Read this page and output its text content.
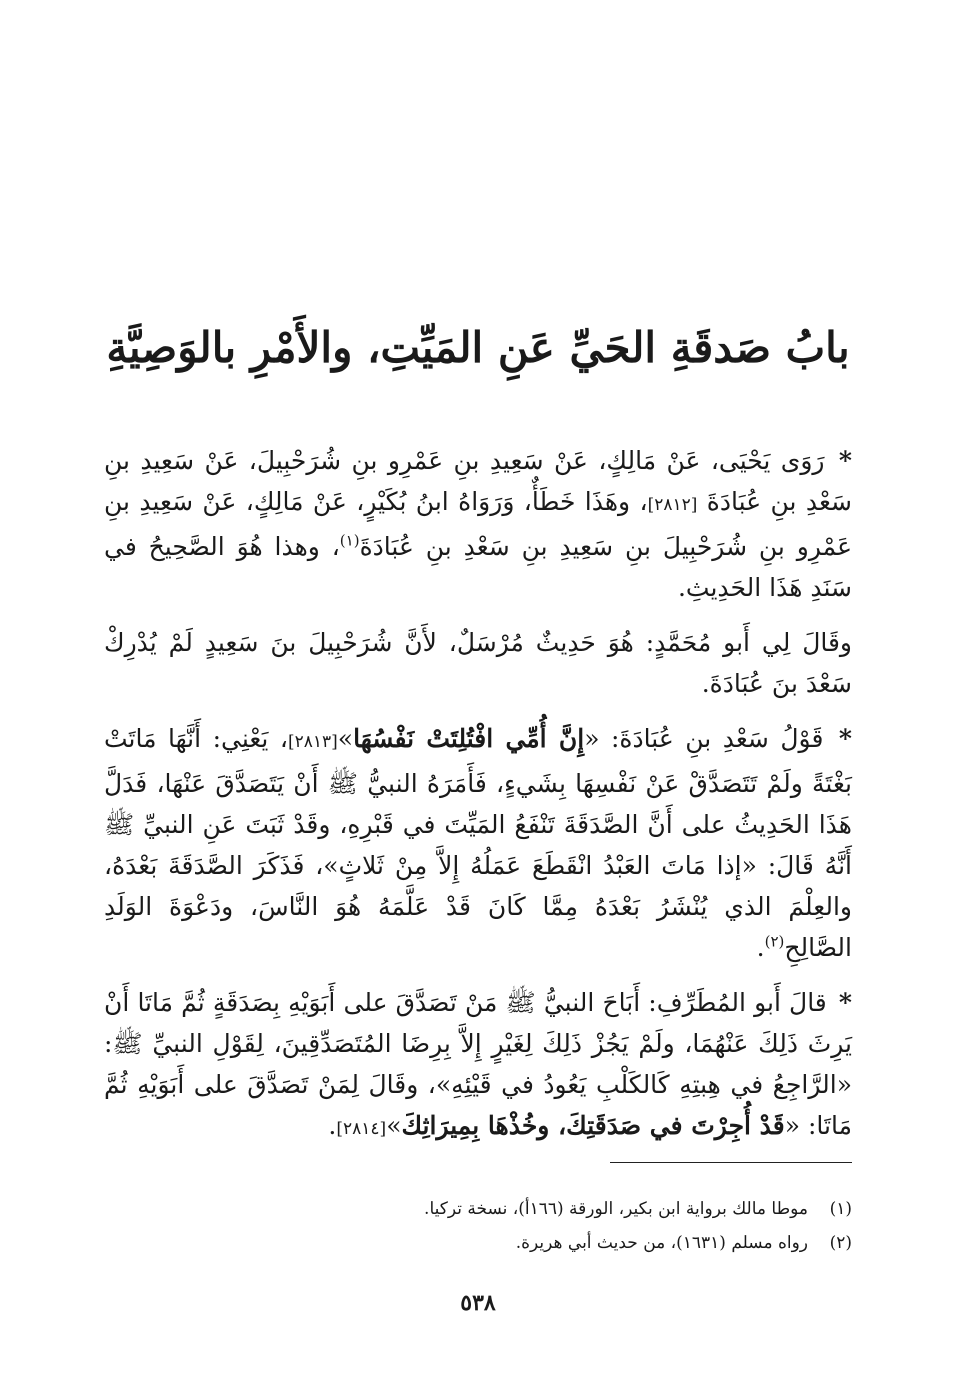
بابُ صَدقَةِ الحَيِّ عَنِ المَيِّتِ، والأَمْرِ بالوَصِيَّةِ

* رَوَى يَحْيَى، عَنْ مَالِكٍ، عَنْ سَعِيدِ بنِ عَمْرِو بنِ شُرَحْبِيلَ، عَنْ سَعِيدِ بنِ سَعْدِ بنِ عُبَادَةَ [٢٨١٢]، وهَذَا خَطَأٌ، وَرَوَاهُ ابنُ بُكَيْرٍ، عَنْ مَالِكٍ، عَنْ سَعِيدِ بنِ عَمْرِو بنِ شُرَحْبِيلَ بنِ سَعِيدِ بنِ سَعْدِ بنِ عُبَادَةَ$^{(١)}$، وهذا هُوَ الصَّحِيحُ في سَنَدِ هَذَا الحَدِيثِ.

وقَالَ لِي أَبو مُحَمَّدٍ: هُوَ حَدِيثٌ مُرْسَلٌ، لأَنَّ شُرَحْبِيلَ بنَ سَعِيدٍ لَمْ يُدْرِكْ سَعْدَ بنَ عُبَادَةَ.

* قَوْلُ سَعْدِ بنِ عُبَادَةَ: «إِنَّ أُمِّي افْتُلِتَتْ نَفْسُهَا»[٢٨١٣]، يَعْنِي: أَنَّهَا مَاتَتْ بَغْتَةً ولَمْ تَتَصَدَّقْ عَنْ نَفْسِهَا بِشَيءٍ، فَأَمَرَهُ النبيُّ ﷺ أَنْ يَتَصَدَّقَ عَنْهَا، فَدَلَّ هَذَا الحَدِيثُ على أَنَّ الصَّدَقَةَ تَنْفَعُ المَيِّتَ في قَبْرِهِ، وقَدْ ثَبَتَ عَنِ النبيِّ ﷺ أَنَّهُ قَالَ: «إذا مَاتَ العَبْدُ انْقَطَعَ عَمَلُهُ إِلاَّ مِنْ ثَلاثٍ»، فَذَكَرَ الصَّدَقَةَ بَعْدَهُ، والعِلْمَ الذي يُنْشَرُ بَعْدَهُ مِمَّا كَانَ قَدْ عَلَّمَهُ هُوَ النَّاسَ، ودَعْوَةَ الوَلَدِ الصَّالِحِ$^{(٢)}$.

* قالَ أَبو المُطَرِّفِ: أَبَاحَ النبيُّ ﷺ مَنْ تَصَدَّقَ على أَبَوَيْهِ بِصَدَقَةٍ ثُمَّ مَاتَا أَنْ يَرِثَ ذَلِكَ عَنْهُمَا، ولَمْ يَجُزْ ذَلِكَ لِغَيْرٍ إِلاَّ بِرِضَا المُتَصَدِّقِينَ، لِقَوْلِ النبيِّ ﷺ: «الرَّاجِعُ في هِبتِهِ كَالكَلْبِ يَعُودُ في قَيْئِهِ»، وقَالَ لِمَنْ تَصَدَّقَ على أَبَوَيْهِ ثُمَّ مَاتَا: «قَدْ أُجِرْتَ في صَدَقَتِكَ، وخُذْهَا بِمِيرَاثِكَ»[٢٨١٤].

(١)موطا مالك برواية ابن بكير، الورقة (١٦٦أ)، نسخة تركيا.

(٢)رواه مسلم (١٦٣١)، من حديث أبي هريرة.

٥٣٨
